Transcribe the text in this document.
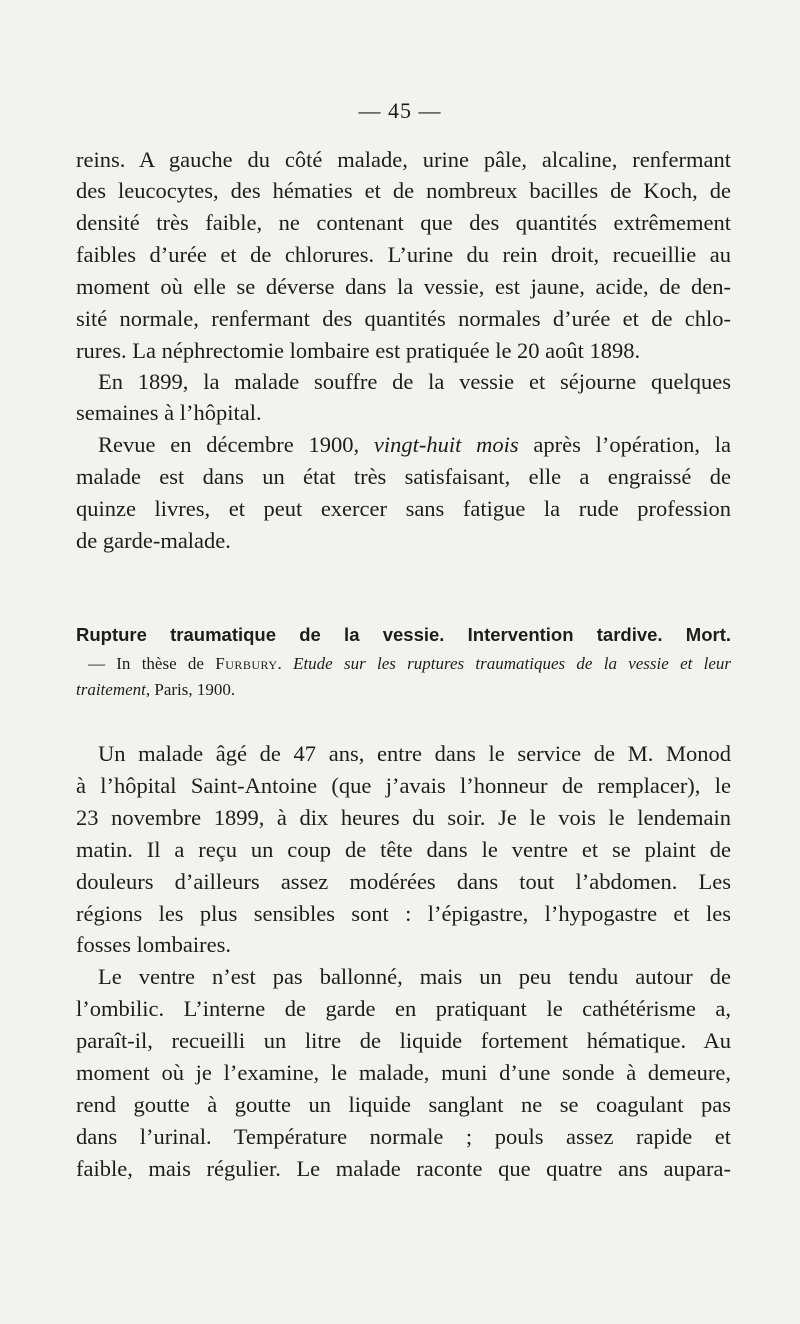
— 45 —
reins. A gauche du côté malade, urine pâle, alcaline, renfermant
des leucocytes, des hématies et de nombreux bacilles de Koch, de
densité très faible, ne contenant que des quantités extrêmement
faibles d’urée et de chlorures. L’urine du rein droit, recueillie au
moment où elle se déverse dans la vessie, est jaune, acide, de den-
sité normale, renfermant des quantités normales d’urée et de chlo-
rures. La néphrectomie lombaire est pratiquée le 20 août 1898.
En 1899, la malade souffre de la vessie et séjourne quelques
semaines à l’hôpital.
Revue en décembre 1900, vingt-huit mois après l’opération, la
malade est dans un état très satisfaisant, elle a engraissé de
quinze livres, et peut exercer sans fatigue la rude profession
de garde-malade.
Rupture traumatique de la vessie. Intervention tardive. Mort.
— In thèse de Furbury. Etude sur les ruptures traumatiques de la vessie et leur
traitement, Paris, 1900.
Un malade âgé de 47 ans, entre dans le service de M. Monod
à l’hôpital Saint-Antoine (que j’avais l’honneur de remplacer), le
23 novembre 1899, à dix heures du soir. Je le vois le lendemain
matin. Il a reçu un coup de tête dans le ventre et se plaint de
douleurs d’ailleurs assez modérées dans tout l’abdomen. Les
régions les plus sensibles sont : l’épigastre, l’hypogastre et les
fosses lombaires.
Le ventre n’est pas ballonné, mais un peu tendu autour de
l’ombilic. L’interne de garde en pratiquant le cathétérisme a,
paraît-il, recueilli un litre de liquide fortement hématique. Au
moment où je l’examine, le malade, muni d’une sonde à demeure,
rend goutte à goutte un liquide sanglant ne se coagulant pas
dans l’urinal. Température normale ; pouls assez rapide et
faible, mais régulier. Le malade raconte que quatre ans aupara-
